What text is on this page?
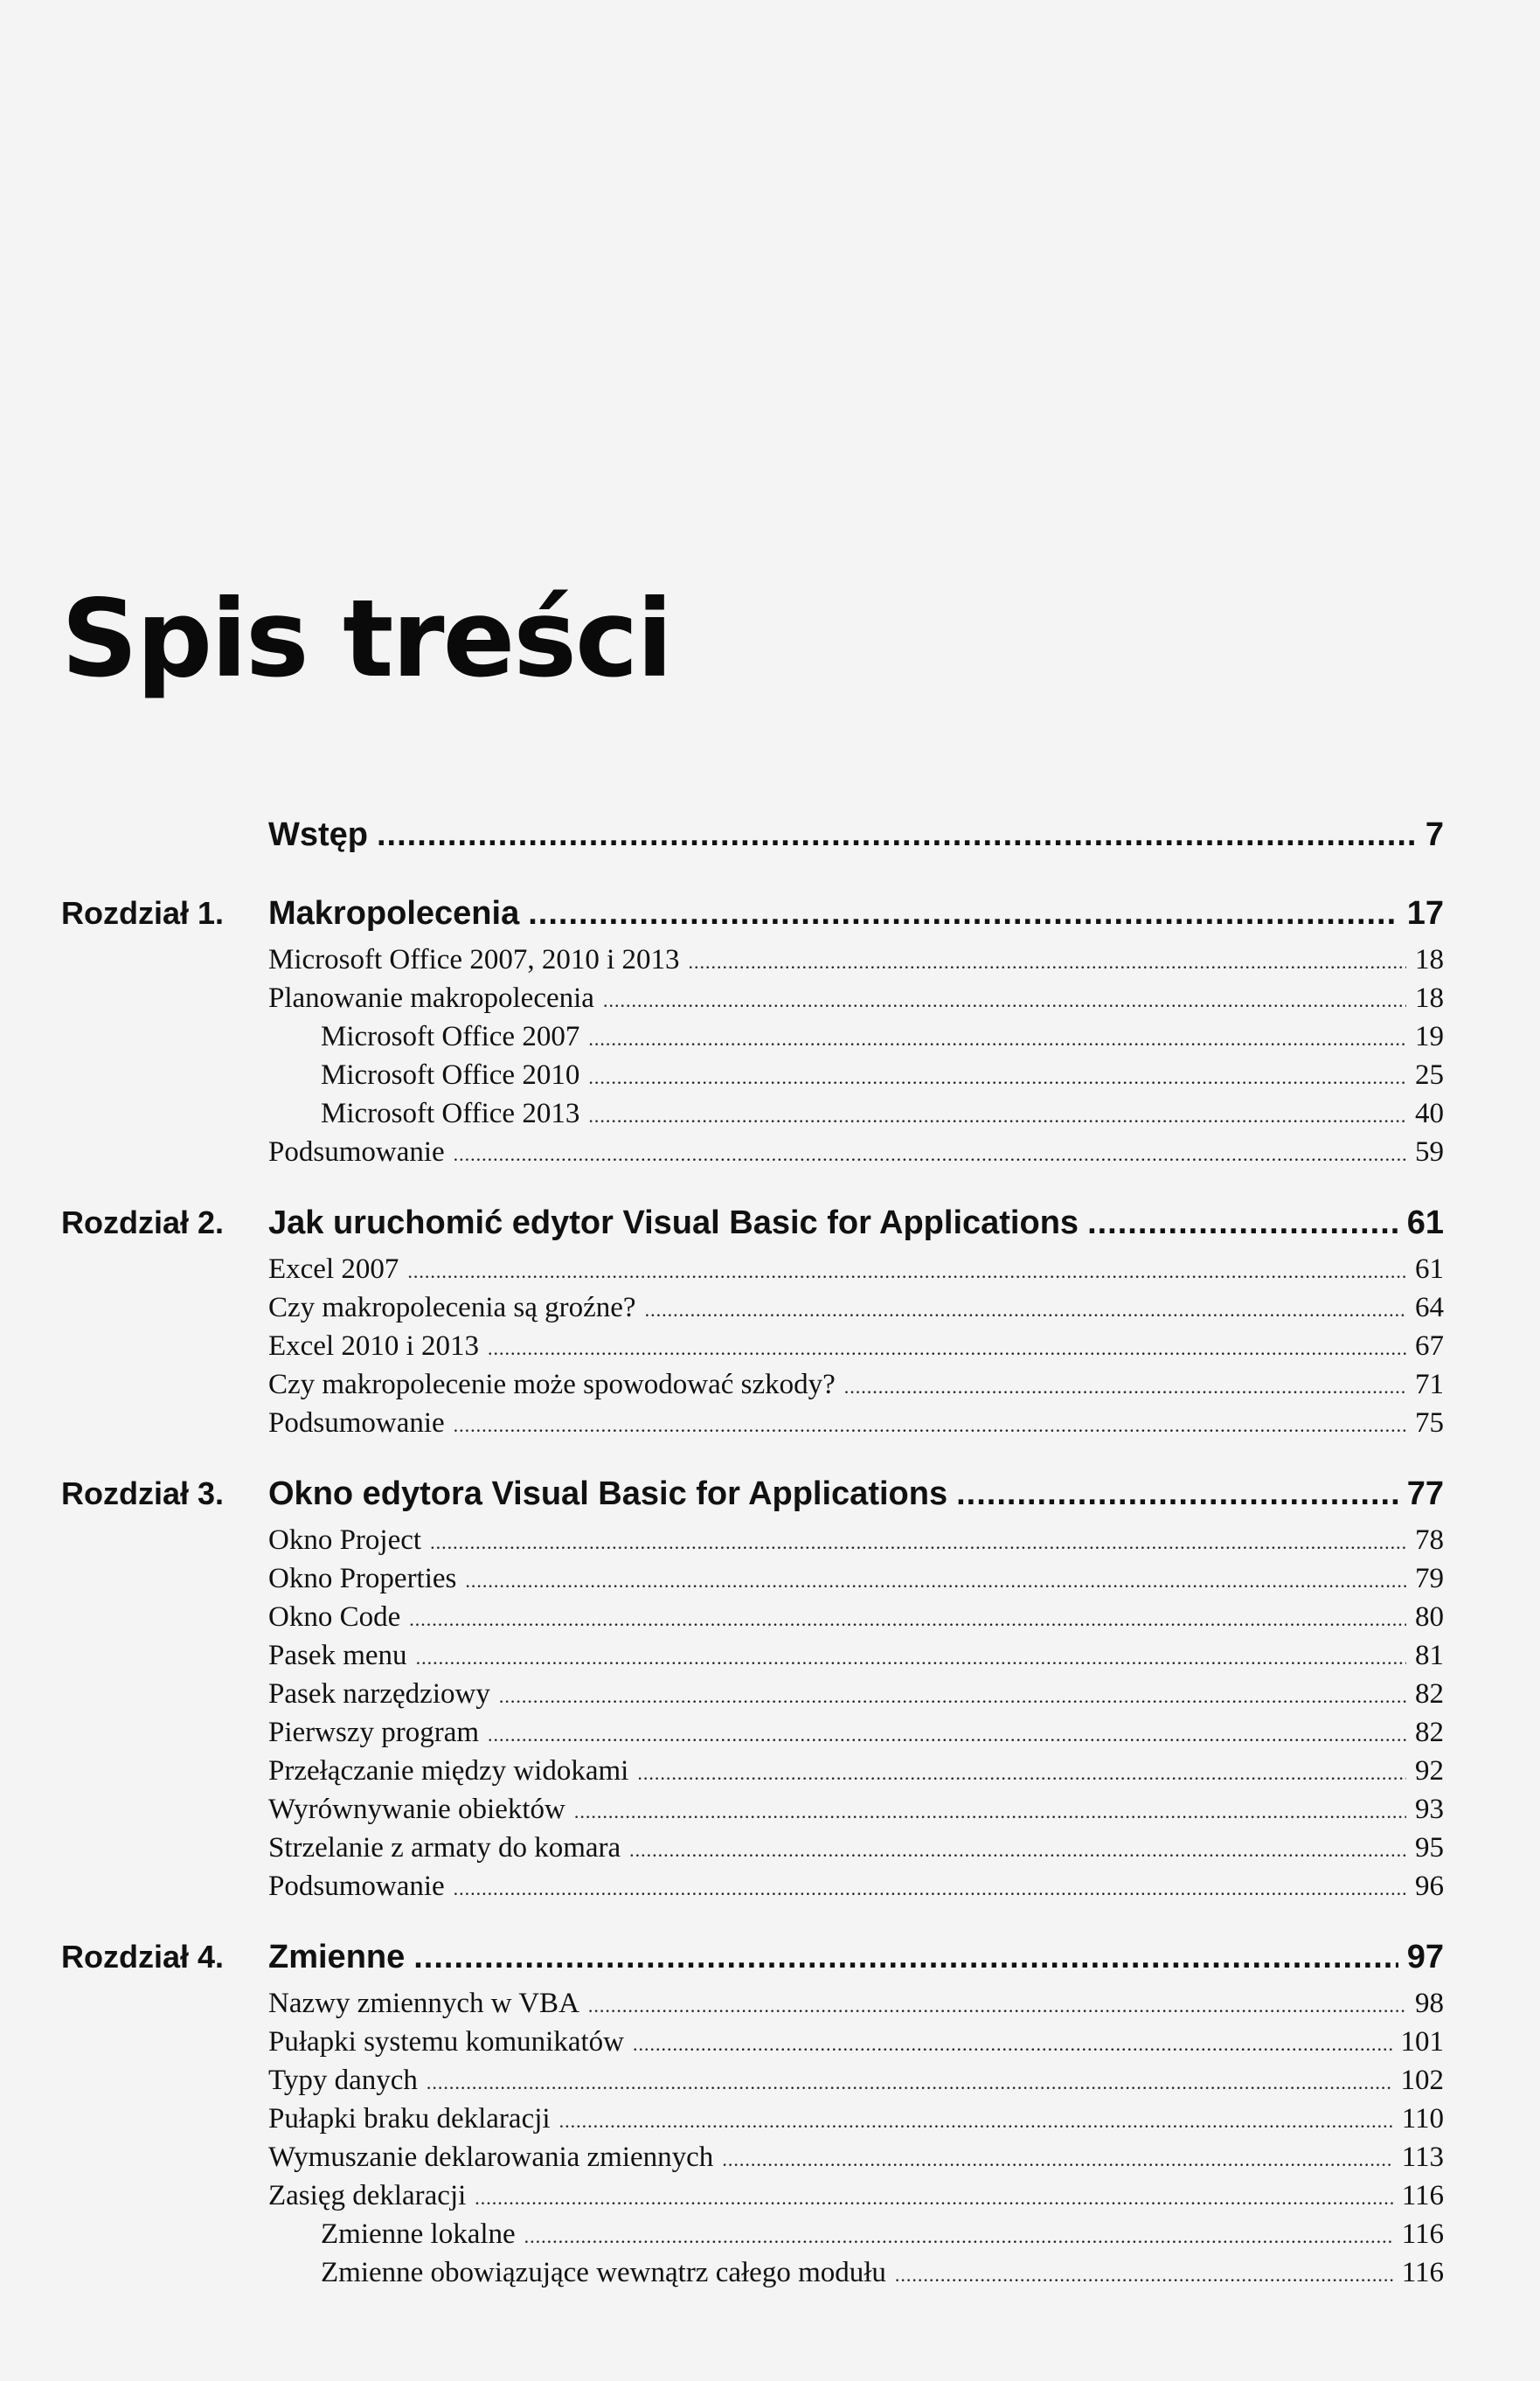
Spis treści
Wstęp .....	7
Rozdział 1. Makropolecenia .....	17
Microsoft Office 2007, 2010 i 2013 .....	18
Planowanie makropolecenia .....	18
Microsoft Office 2007 .....	19
Microsoft Office 2010 .....	25
Microsoft Office 2013 .....	40
Podsumowanie .....	59
Rozdział 2. Jak uruchomić edytor Visual Basic for Applications .....	61
Excel 2007 .....	61
Czy makropolecenia są groźne? .....	64
Excel 2010 i 2013 .....	67
Czy makropolecenie może spowodować szkody? .....	71
Podsumowanie .....	75
Rozdział 3. Okno edytora Visual Basic for Applications .....	77
Okno Project .....	78
Okno Properties .....	79
Okno Code .....	80
Pasek menu .....	81
Pasek narzędziowy .....	82
Pierwszy program .....	82
Przełączanie między widokami .....	92
Wyrównywanie obiektów .....	93
Strzelanie z armaty do komara .....	95
Podsumowanie .....	96
Rozdział 4. Zmienne .....	97
Nazwy zmiennych w VBA .....	98
Pułapki systemu komunikatów .....	101
Typy danych .....	102
Pułapki braku deklaracji .....	110
Wymuszanie deklarowania zmiennych .....	113
Zasięg deklaracji .....	116
Zmienne lokalne .....	116
Zmienne obowiązujące wewnątrz całego modułu .....	116
